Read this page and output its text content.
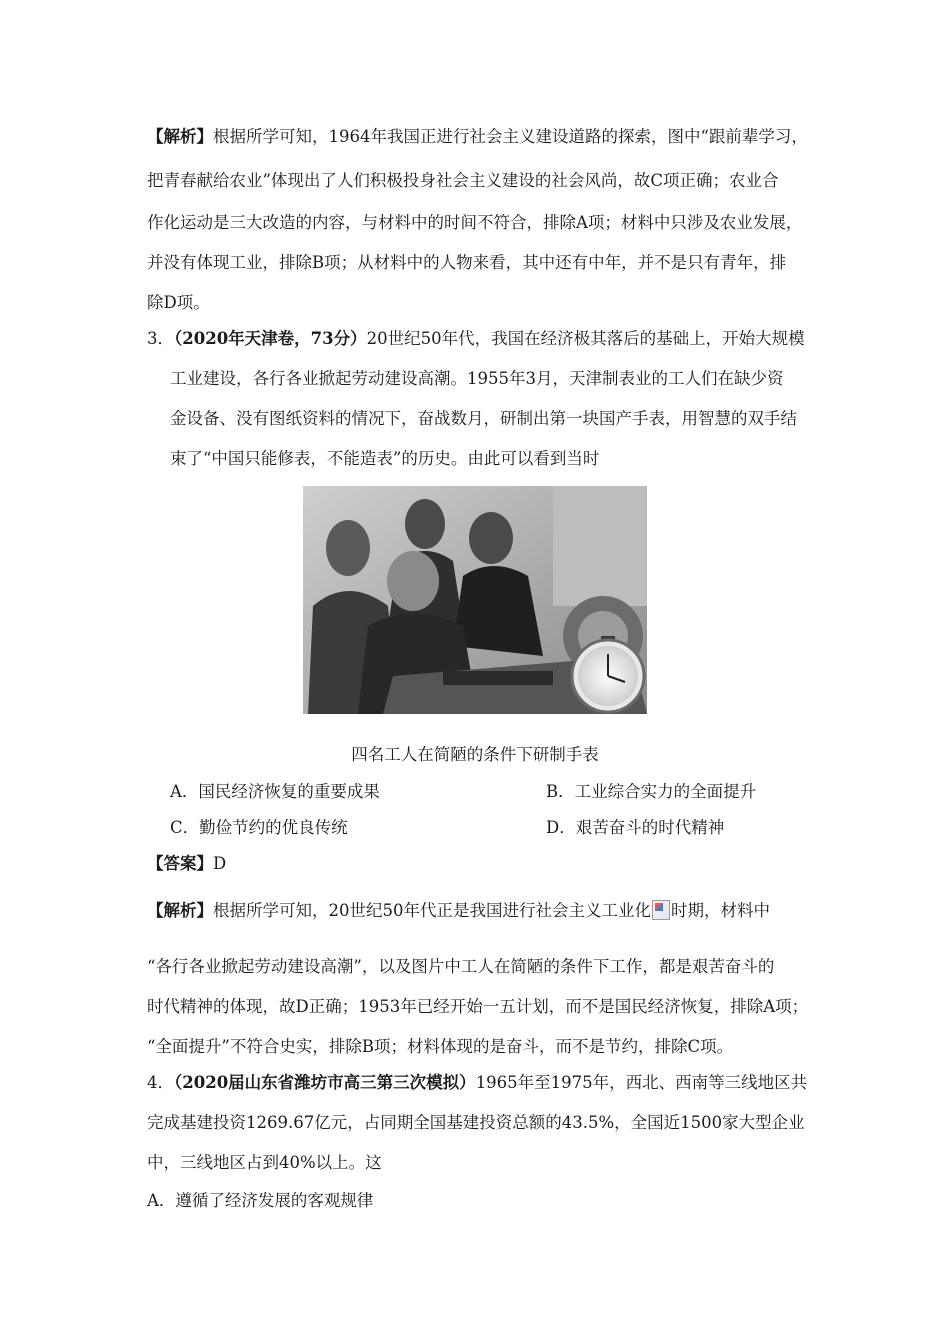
【解析】根据所学可知，1964年我国正进行社会主义建设道路的探索，图中“跟前辈学习，
把青春献给农业”体现出了人们积极投身社会主义建设的社会风尚，故C项正确；农业合
作化运动是三大改造的内容，与材料中的时间不符合，排除A项；材料中只涉及农业发展，
并没有体现工业，排除B项；从材料中的人物来看，其中还有中年，并不是只有青年，排
除D项。
3．（2020年天津卷，73分）20世纪50年代，我国在经济极其落后的基础上，开始大规模
工业建设，各行各业掀起劳动建设高潮。1955年3月，天津制表业的工人们在缺少资
金设备、没有图纸资料的情况下，奋战数月，研制出第一块国产手表，用智慧的双手结
束了“中国只能修表，不能造表”的历史。由此可以看到当时
四名工人在简陋的条件下研制手表
A．国民经济恢复的重要成果	B．工业综合实力的全面提升
C．勤俭节约的优良传统	D．艰苦奋斗的时代精神
【答案】D
【解析】根据所学可知，20世纪50年代正是我国进行社会主义工业化 时期，材料中
“各行各业掀起劳动建设高潮”，以及图片中工人在简陋的条件下工作，都是艰苦奋斗的
时代精神的体现，故D正确；1953年已经开始一五计划，而不是国民经济恢复，排除A项；
“全面提升”不符合史实，排除B项；材料体现的是奋斗，而不是节约，排除C项。
4．（2020届山东省潍坊市高三第三次模拟）1965年至1975年，西北、西南等三线地区共
完成基建投资1269.67亿元，占同期全国基建投资总额的43.5%，全国近1500家大型企业
中，三线地区占到40%以上。这
A．遵循了经济发展的客观规律
